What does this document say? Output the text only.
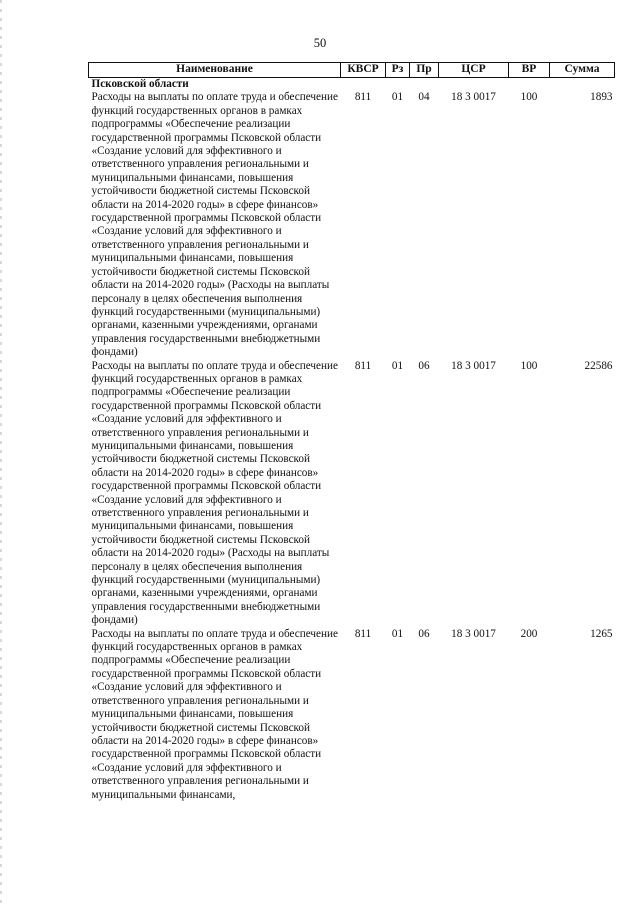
50
Наименование	КВСР	Рз	Пр	ЦСР	ВР	Сумма
Псковской области						
Расходы на выплаты по оплате труда и обеспечение функций государственных органов в рамках подпрограммы «Обеспечение реализации государственной программы Псковской области «Создание условий для эффективного и ответственного управления региональными и муниципальными финансами, повышения устойчивости бюджетной системы Псковской области на 2014-2020 годы» в сфере финансов» государственной программы Псковской области «Создание условий для эффективного и ответственного управления региональными и муниципальными финансами, повышения устойчивости бюджетной системы Псковской области на 2014-2020 годы» (Расходы на выплаты персоналу в целях обеспечения выполнения функций государственными (муниципальными) органами, казенными учреждениями, органами управления государственными внебюджетными фондами)	811	01	04	18 3 0017	100	1893
Расходы на выплаты по оплате труда и обеспечение функций государственных органов в рамках подпрограммы «Обеспечение реализации государственной программы Псковской области «Создание условий для эффективного и ответственного управления региональными и муниципальными финансами, повышения устойчивости бюджетной системы Псковской области на 2014-2020 годы» в сфере финансов» государственной программы Псковской области «Создание условий для эффективного и ответственного управления региональными и муниципальными финансами, повышения устойчивости бюджетной системы Псковской области на 2014-2020 годы» (Расходы на выплаты персоналу в целях обеспечения выполнения функций государственными (муниципальными) органами, казенными учреждениями, органами управления государственными внебюджетными фондами)	811	01	06	18 3 0017	100	22586
Расходы на выплаты по оплате труда и обеспечение функций государственных органов в рамках подпрограммы «Обеспечение реализации государственной программы Псковской области «Создание условий для эффективного и ответственного управления региональными и муниципальными финансами, повышения устойчивости бюджетной системы Псковской области на 2014-2020 годы» в сфере финансов» государственной программы Псковской области «Создание условий для эффективного и ответственного управления региональными и муниципальными финансами,	811	01	06	18 3 0017	200	1265
